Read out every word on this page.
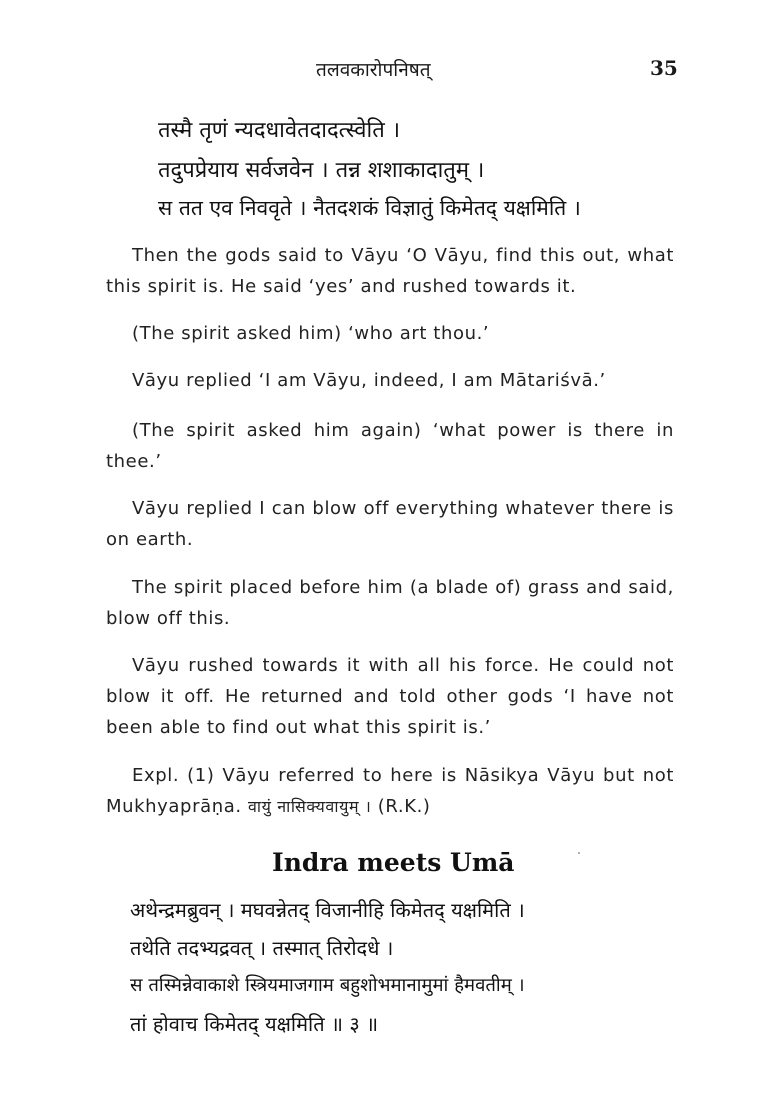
तलवकारोपनिषत्	35
तस्मै तृणं न्यदधावेतदादत्स्वेति ।
तदुपप्रेयाय सर्वजवेन । तन्न शशाकादातुम् ।
स तत एव निववृते । नैतदशकं विज्ञातुं किमेतद् यक्षमिति ।

Then the gods said to Vāyu ‘O Vāyu, find this out, what this spirit is. He said ‘yes’ and rushed towards it.

(The spirit asked him) ‘who art thou.’

Vāyu replied ‘I am Vāyu, indeed, I am Mātariśvā.’

(The spirit asked him again) ‘what power is there in thee.’

Vāyu replied I can blow off everything whatever there is on earth.

The spirit placed before him (a blade of) grass and said, blow off this.

Vāyu rushed towards it with all his force. He could not blow it off. He returned and told other gods ‘I have not been able to find out what this spirit is.’

Expl. (1) Vāyu referred to here is Nāsikya Vāyu but not Mukhyaprāṇa. वायुं नासिक्यवायुम् । (R.K.)

Indra meets Umā
अथेन्द्रमब्रुवन् । मघवन्नेतद् विजानीहि किमेतद् यक्षमिति ।
तथेति तदभ्यद्रवत् । तस्मात् तिरोदधे ।
स तस्मिन्नेवाकाशे स्त्रियमाजगाम बहुशोभमानामुमां हैमवतीम् ।
तां होवाच किमेतद् यक्षमिति ॥ ३ ॥
